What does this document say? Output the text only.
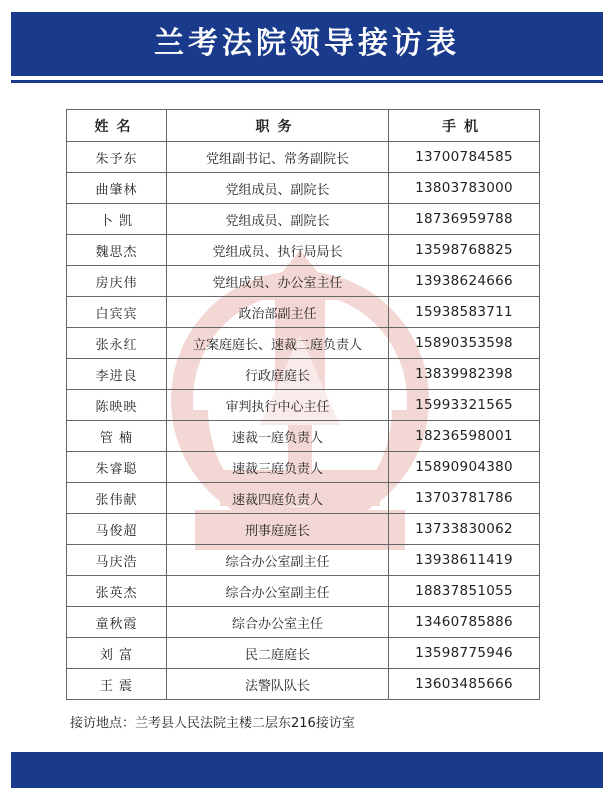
兰考法院领导接访表
姓名	职务	手机
朱予东	党组副书记、常务副院长	13700784585
曲肇林	党组成员、副院长	13803783000
卜 凯	党组成员、副院长	18736959788
魏思杰	党组成员、执行局局长	13598768825
房庆伟	党组成员、办公室主任	13938624666
白宾宾	政治部副主任	15938583711
张永红	立案庭庭长、速裁二庭负责人	15890353598
李进良	行政庭庭长	13839982398
陈映映	审判执行中心主任	15993321565
管 楠	速裁一庭负责人	18236598001
朱睿聪	速裁三庭负责人	15890904380
张伟献	速裁四庭负责人	13703781786
马俊超	刑事庭庭长	13733830062
马庆浩	综合办公室副主任	13938611419
张英杰	综合办公室副主任	18837851055
童秋霞	综合办公室主任	13460785886
刘 富	民二庭庭长	13598775946
王 震	法警队队长	13603485666
接访地点：兰考县人民法院主楼二层东216接访室
